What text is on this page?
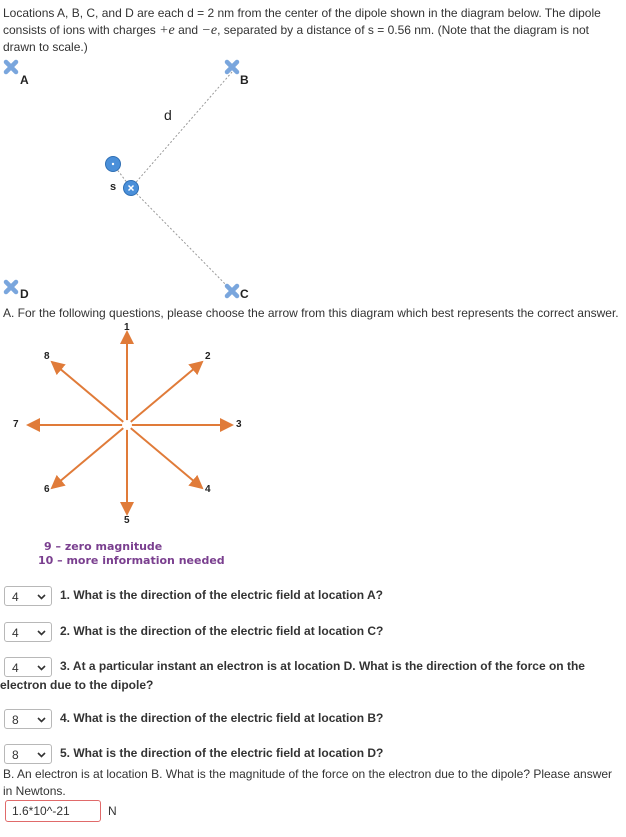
Locations A, B, C, and D are each d = 2 nm from the center of the dipole shown in the diagram below. The dipole consists of ions with charges +e and −e, separated by a distance of s = 0.56 nm. (Note that the diagram is not drawn to scale.)
A	B
C
D
d
s
A. For the following questions, please choose the arrow from this diagram which best represents the correct answer.
1
2
3
4
5
6
7
8
9 – zero magnitude
10 – more information needed
4	1. What is the direction of the electric field at location A?
4	2. What is the direction of the electric field at location C?
4	3. At a particular instant an electron is at location D. What is the direction of the force on the electron due to the dipole?
8	4. What is the direction of the electric field at location B?
8	5. What is the direction of the electric field at location D?
B. An electron is at location B. What is the magnitude of the force on the electron due to the dipole? Please answer in Newtons.
1.6*10^-21
N
